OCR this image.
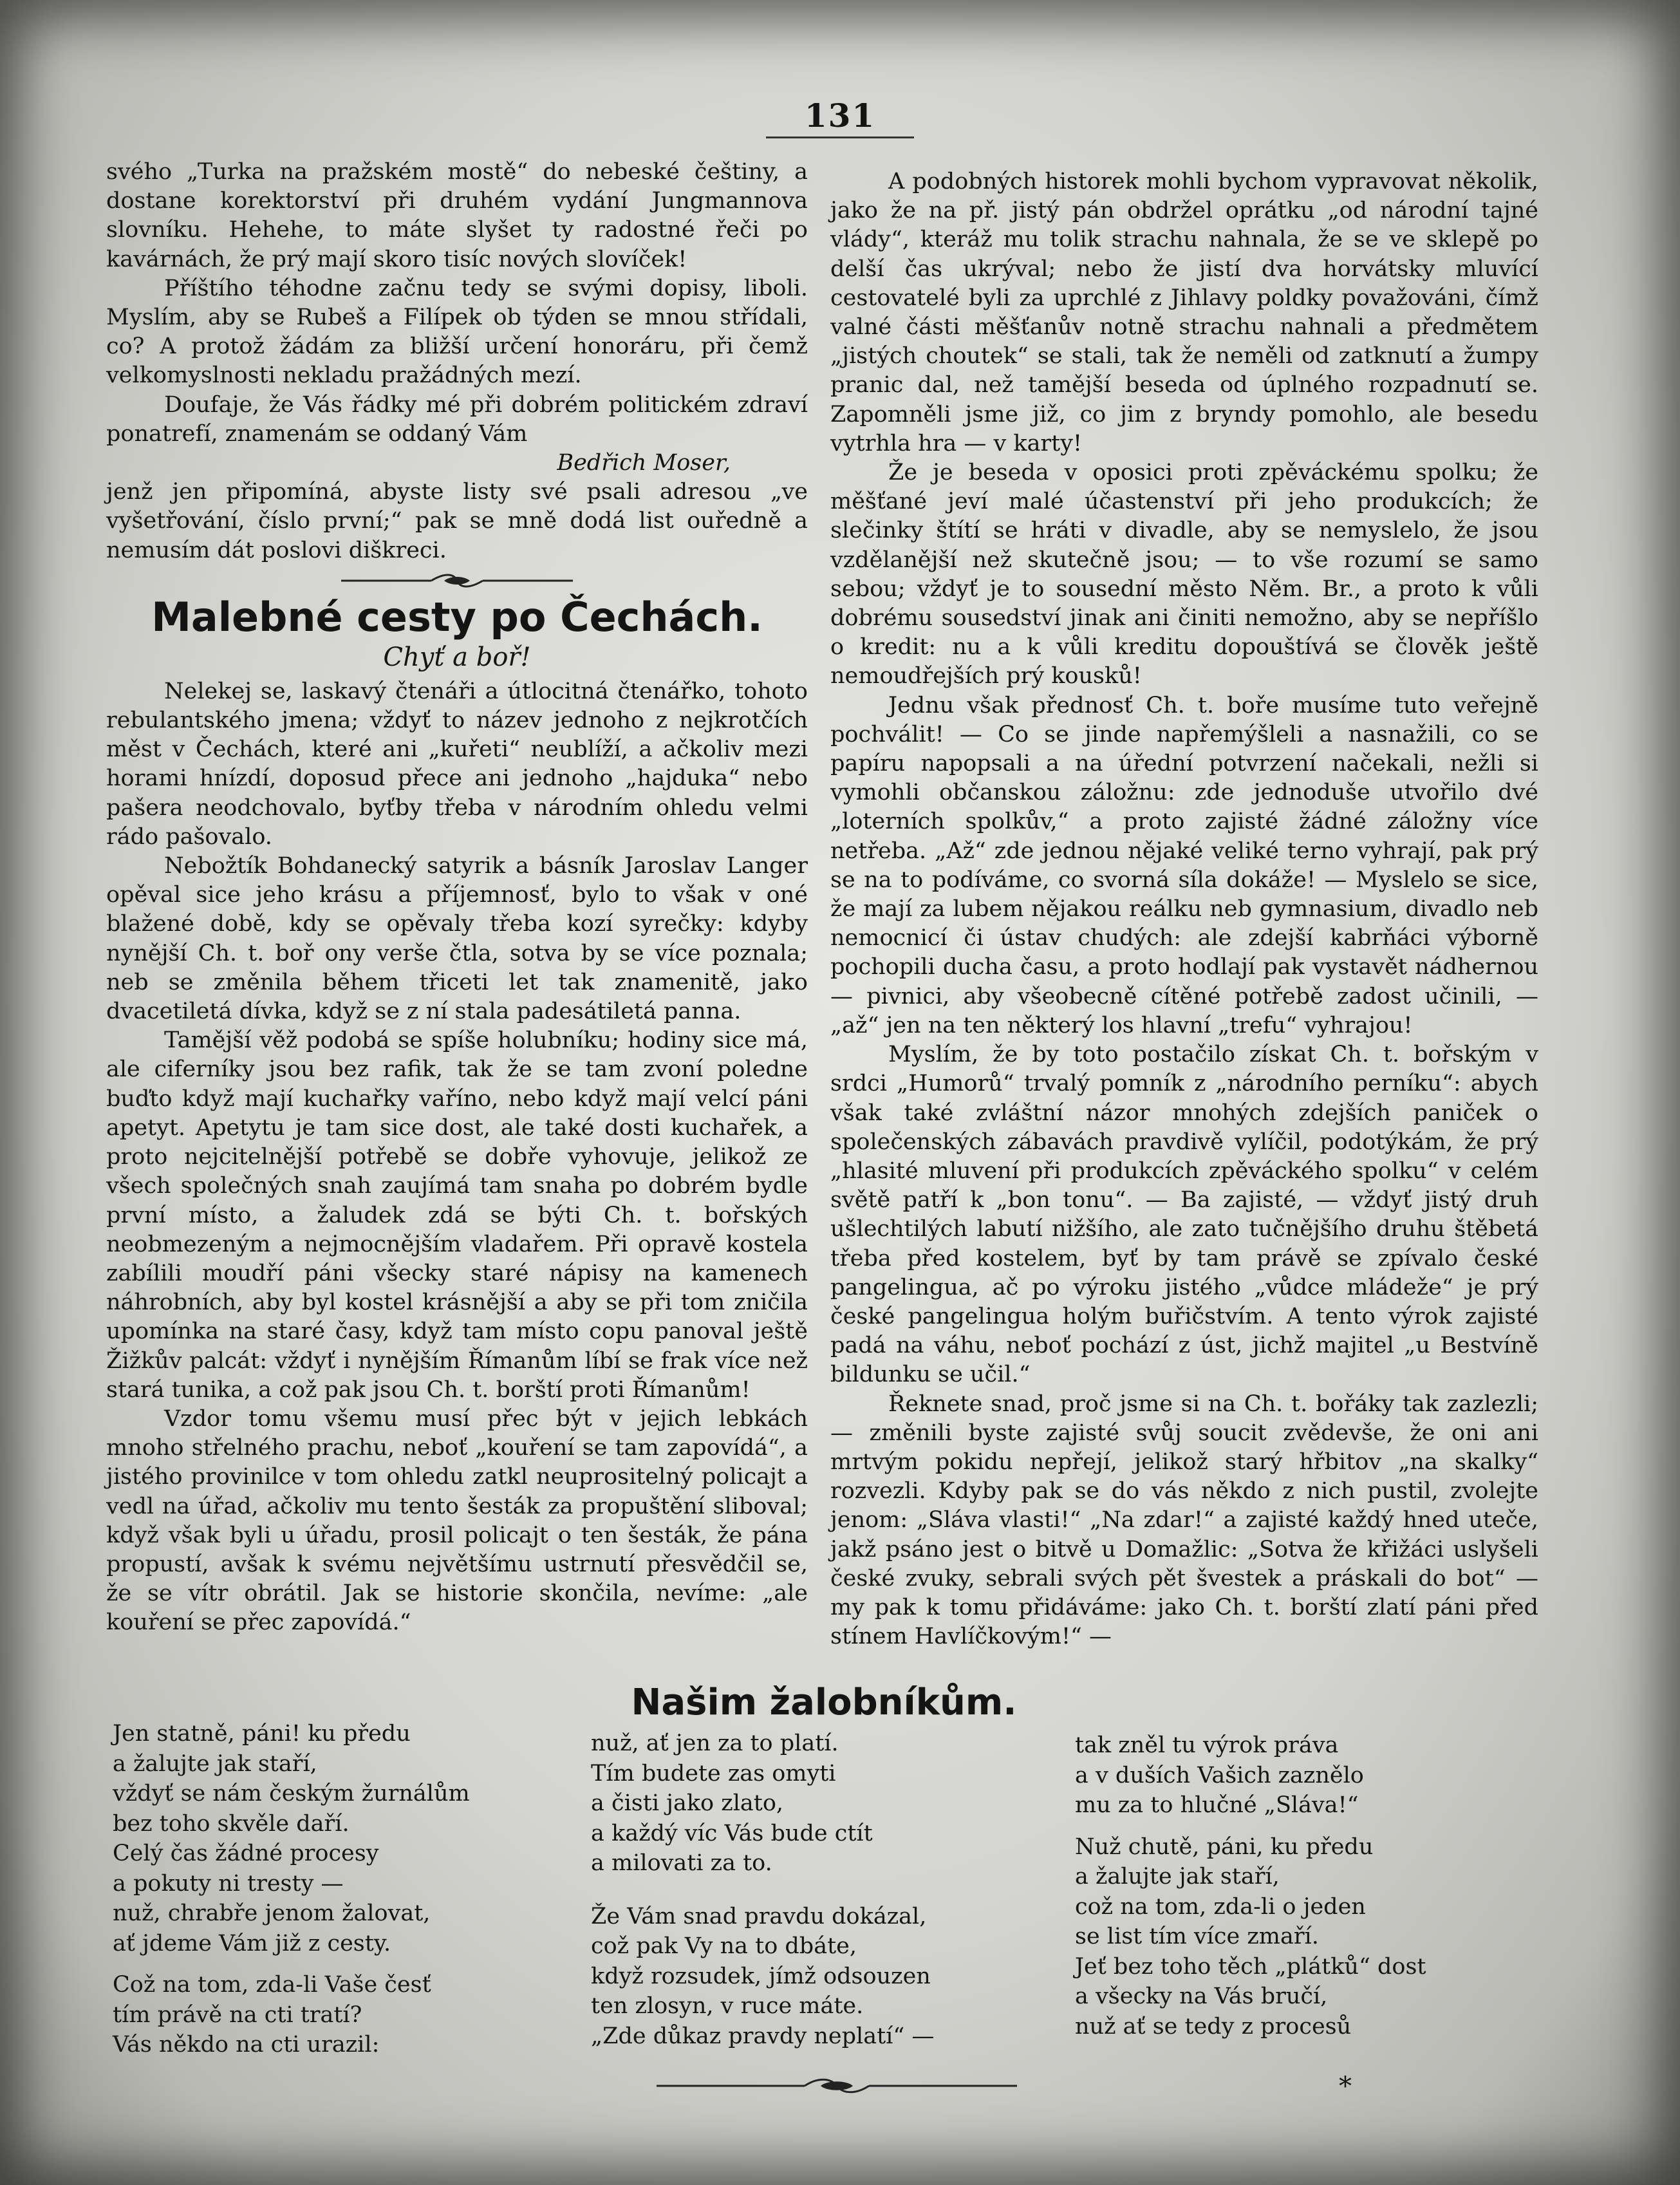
131

svého „Turka na pražském mostě“ do nebeské češtiny, a dostane korektorství při druhém vydání Jungmannova slovníku. Hehehe, to máte slyšet ty radostné řeči po kavárnách, že prý mají skoro tisíc nových slovíček!

Příštího téhodne začnu tedy se svými dopisy, liboli. Myslím, aby se Rubeš a Filípek ob týden se mnou střídali, co? A protož žádám za bližší určení honoráru, při čemž velkomyslnosti nekladu pražádných mezí.

Doufaje, že Vás řádky mé při dobrém politickém zdraví ponatrefí, znamenám se oddaný Vám

Bedřich Moser,

jenž jen připomíná, abyste listy své psali adresou „ve vyšetřování, číslo první;“ pak se mně dodá list ouředně a nemusím dát poslovi diškreci.

Malebné cesty po Čechách.
Chyť a boř!

Nelekej se, laskavý čtenáři a útlocitná čtenářko, tohoto rebulantského jmena; vždyť to název jednoho z nejkrotčích měst v Čechách, které ani „kuřeti“ neublíží, a ačkoliv mezi horami hnízdí, doposud přece ani jednoho „hajduka“ nebo pašera neodchovalo, byťby třeba v národním ohledu velmi rádo pašovalo.

Nebožtík Bohdanecký satyrik a básník Jaroslav Langer opěval sice jeho krásu a příjemnosť, bylo to však v oné blažené době, kdy se opěvaly třeba kozí syrečky: kdyby nynější Ch. t. boř ony verše čtla, sotva by se více poznala; neb se změnila během třiceti let tak znamenitě, jako dvacetiletá dívka, když se z ní stala padesátiletá panna.

Tamější věž podobá se spíše holubníku; hodiny sice má, ale ciferníky jsou bez rafik, tak že se tam zvoní poledne buďto když mají kuchařky vaříno, nebo když mají velcí páni apetyt. Apetytu je tam sice dost, ale také dosti kuchařek, a proto nejcitelnější potřebě se dobře vyhovuje, jelikož ze všech společných snah zaujímá tam snaha po dobrém bydle první místo, a žaludek zdá se býti Ch. t. bořských neobmezeným a nejmocnějším vladařem. Při opravě kostela zabílili moudří páni všecky staré nápisy na kamenech náhrobních, aby byl kostel krásnější a aby se při tom zničila upomínka na staré časy, když tam místo copu panoval ještě Žižkův palcát: vždyť i nynějším Římanům líbí se frak více než stará tunika, a což pak jsou Ch. t. borští proti Římanům!

Vzdor tomu všemu musí přec být v jejich lebkách mnoho střelného prachu, neboť „kouření se tam zapovídá“, a jistého provinilce v tom ohledu zatkl neuprositelný policajt a vedl na úřad, ačkoliv mu tento šesták za propuštění sliboval; když však byli u úřadu, prosil policajt o ten šesták, že pána propustí, avšak k svému největšímu ustrnutí přesvědčil se, že se vítr obrátil. Jak se historie skončila, nevíme: „ale kouření se přec zapovídá.“

A podobných historek mohli bychom vypravovat několik, jako že na př. jistý pán obdržel oprátku „od národní tajné vlády“, kteráž mu tolik strachu nahnala, že se ve sklepě po delší čas ukrýval; nebo že jistí dva horvátsky mluvící cestovatelé byli za uprchlé z Jihlavy poldky považováni, čímž valné části měšťanův notně strachu nahnali a předmětem „jistých choutek“ se stali, tak že neměli od zatknutí a žumpy pranic dal, než tamější beseda od úplného rozpadnutí se. Zapomněli jsme již, co jim z bryndy pomohlo, ale besedu vytrhla hra — v karty!

Že je beseda v oposici proti zpěváckému spolku; že měšťané jeví malé účastenství při jeho produkcích; že slečinky štítí se hráti v divadle, aby se nemyslelo, že jsou vzdělanější než skutečně jsou; — to vše rozumí se samo sebou; vždyť je to sousední město Něm. Br., a proto k vůli dobrému sousedství jinak ani činiti nemožno, aby se nepříšlo o kredit: nu a k vůli kreditu dopouštívá se člověk ještě nemoudřejších prý kousků!

Jednu však přednosť Ch. t. boře musíme tuto veřejně pochválit! — Co se jinde napřemýšleli a nasnažili, co se papíru napopsali a na úřední potvrzení načekali, nežli si vymohli občanskou záložnu: zde jednoduše utvořilo dvé „loterních spolkův,“ a proto zajisté žádné záložny více netřeba. „Až“ zde jednou nějaké veliké terno vyhrají, pak prý se na to podíváme, co svorná síla dokáže! — Myslelo se sice, že mají za lubem nějakou reálku neb gymnasium, divadlo neb nemocnicí či ústav chudých: ale zdejší kabrňáci výborně pochopili ducha času, a proto hodlají pak vystavět nádhernou — pivnici, aby všeobecně cítěné potřebě zadost učinili, — „až“ jen na ten některý los hlavní „trefu“ vyhrajou!

Myslím, že by toto postačilo získat Ch. t. bořským v srdci „Humorů“ trvalý pomník z „národního perníku“: abych však také zvláštní názor mnohých zdejších paniček o společenských zábavách pravdivě vylíčil, podotýkám, že prý „hlasité mluvení při produkcích zpěváckého spolku“ v celém světě patří k „bon tonu“. — Ba zajisté, — vždyť jistý druh ušlechtilých labutí nižšího, ale zato tučnějšího druhu štěbetá třeba před kostelem, byť by tam právě se zpívalo české pangelingua, ač po výroku jistého „vůdce mládeže“ je prý české pangelingua holým buřičstvím. A tento výrok zajisté padá na váhu, neboť pochází z úst, jichž majitel „u Bestvíně bildunku se učil.“

Řeknete snad, proč jsme si na Ch. t. bořáky tak zazlezli; — změnili byste zajisté svůj soucit zvědevše, že oni ani mrtvým pokidu nepřejí, jelikož starý hřbitov „na skalky“ rozvezli. Kdyby pak se do vás někdo z nich pustil, zvolejte jenom: „Sláva vlasti!“ „Na zdar!“ a zajisté každý hned uteče, jakž psáno jest o bitvě u Domažlic: „Sotva že křižáci uslyšeli české zvuky, sebrali svých pět švestek a práskali do bot“ — my pak k tomu přidáváme: jako Ch. t. borští zlatí páni před stínem Havlíčkovým!“ —

Našim žalobníkům.

Jen statně, páni! ku předu

a žalujte jak staří,

vždyť se nám českým žurnálům

bez toho skvěle daří.

Celý čas žádné procesy

a pokuty ni tresty —

nuž, chrabře jenom žalovat,

ať jdeme Vám již z cesty.

Což na tom, zda-li Vaše česť

tím právě na cti tratí?

Vás někdo na cti urazil:

nuž, ať jen za to platí.

Tím budete zas omyti

a čisti jako zlato,

a každý víc Vás bude ctít

a milovati za to.

Že Vám snad pravdu dokázal,

což pak Vy na to dbáte,

když rozsudek, jímž odsouzen

ten zlosyn, v ruce máte.

„Zde důkaz pravdy neplatí“ —

tak zněl tu výrok práva

a v duších Vašich zaznělo

mu za to hlučné „Sláva!“

Nuž chutě, páni, ku předu

a žalujte jak staří,

což na tom, zda-li o jeden

se list tím více zmaří.

Jeť bez toho těch „plátků“ dost

a všecky na Vás bručí,

nuž ať se tedy z procesů

*
